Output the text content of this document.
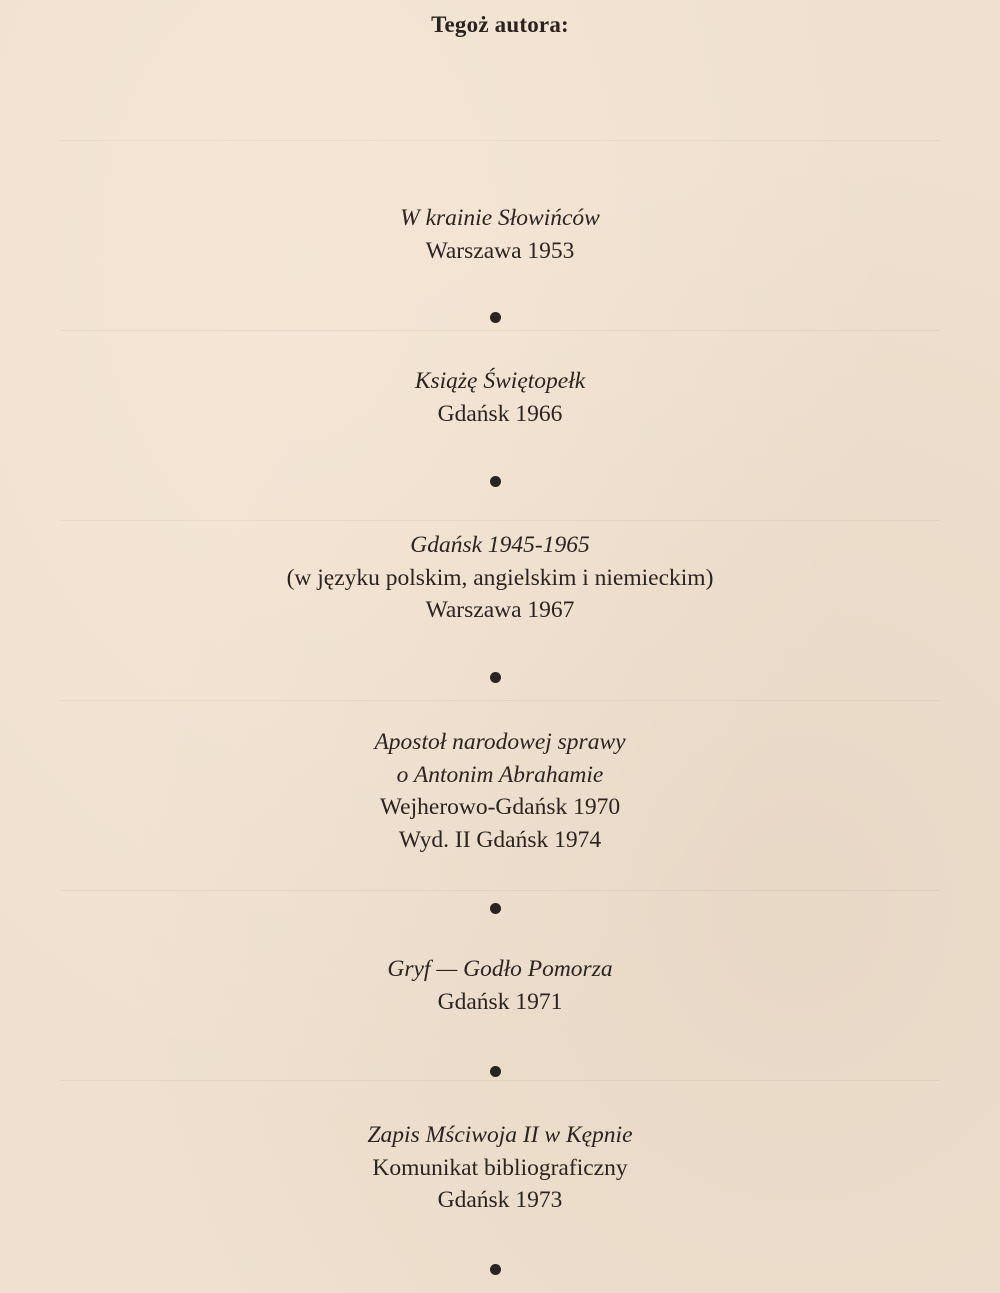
Tegoż autora:
W krainie Słowińców
Warszawa 1953
Książę Świętopełk
Gdańsk 1966
Gdańsk 1945-1965
(w języku polskim, angielskim i niemieckim)
Warszawa 1967
Apostoł narodowej sprawy
o Antonim Abrahamie
Wejherowo-Gdańsk 1970
Wyd. II Gdańsk 1974
Gryf — Godło Pomorza
Gdańsk 1971
Zapis Mściwoja II w Kępnie
Komunikat bibliograficzny
Gdańsk 1973
